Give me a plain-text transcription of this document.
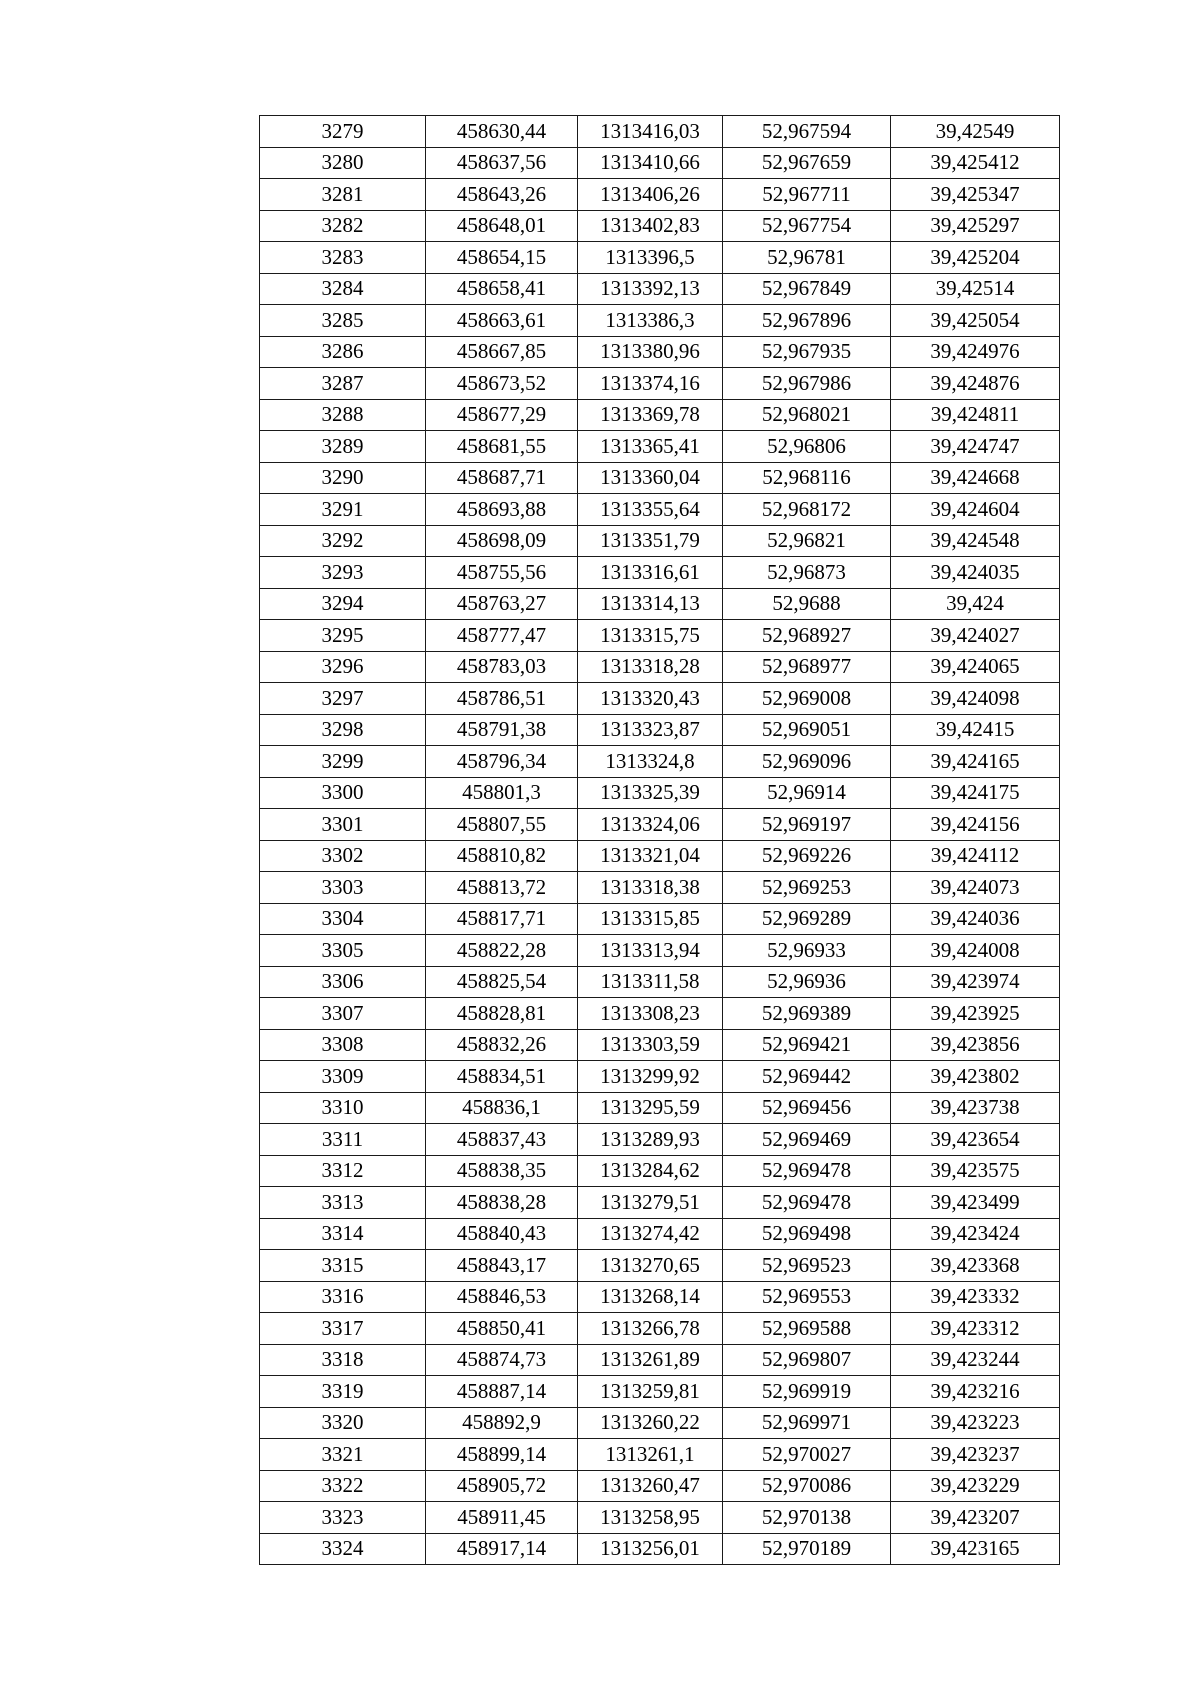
3279	458630,44	1313416,03	52,967594	39,42549
3280	458637,56	1313410,66	52,967659	39,425412
3281	458643,26	1313406,26	52,967711	39,425347
3282	458648,01	1313402,83	52,967754	39,425297
3283	458654,15	1313396,5	52,96781	39,425204
3284	458658,41	1313392,13	52,967849	39,42514
3285	458663,61	1313386,3	52,967896	39,425054
3286	458667,85	1313380,96	52,967935	39,424976
3287	458673,52	1313374,16	52,967986	39,424876
3288	458677,29	1313369,78	52,968021	39,424811
3289	458681,55	1313365,41	52,96806	39,424747
3290	458687,71	1313360,04	52,968116	39,424668
3291	458693,88	1313355,64	52,968172	39,424604
3292	458698,09	1313351,79	52,96821	39,424548
3293	458755,56	1313316,61	52,96873	39,424035
3294	458763,27	1313314,13	52,9688	39,424
3295	458777,47	1313315,75	52,968927	39,424027
3296	458783,03	1313318,28	52,968977	39,424065
3297	458786,51	1313320,43	52,969008	39,424098
3298	458791,38	1313323,87	52,969051	39,42415
3299	458796,34	1313324,8	52,969096	39,424165
3300	458801,3	1313325,39	52,96914	39,424175
3301	458807,55	1313324,06	52,969197	39,424156
3302	458810,82	1313321,04	52,969226	39,424112
3303	458813,72	1313318,38	52,969253	39,424073
3304	458817,71	1313315,85	52,969289	39,424036
3305	458822,28	1313313,94	52,96933	39,424008
3306	458825,54	1313311,58	52,96936	39,423974
3307	458828,81	1313308,23	52,969389	39,423925
3308	458832,26	1313303,59	52,969421	39,423856
3309	458834,51	1313299,92	52,969442	39,423802
3310	458836,1	1313295,59	52,969456	39,423738
3311	458837,43	1313289,93	52,969469	39,423654
3312	458838,35	1313284,62	52,969478	39,423575
3313	458838,28	1313279,51	52,969478	39,423499
3314	458840,43	1313274,42	52,969498	39,423424
3315	458843,17	1313270,65	52,969523	39,423368
3316	458846,53	1313268,14	52,969553	39,423332
3317	458850,41	1313266,78	52,969588	39,423312
3318	458874,73	1313261,89	52,969807	39,423244
3319	458887,14	1313259,81	52,969919	39,423216
3320	458892,9	1313260,22	52,969971	39,423223
3321	458899,14	1313261,1	52,970027	39,423237
3322	458905,72	1313260,47	52,970086	39,423229
3323	458911,45	1313258,95	52,970138	39,423207
3324	458917,14	1313256,01	52,970189	39,423165
